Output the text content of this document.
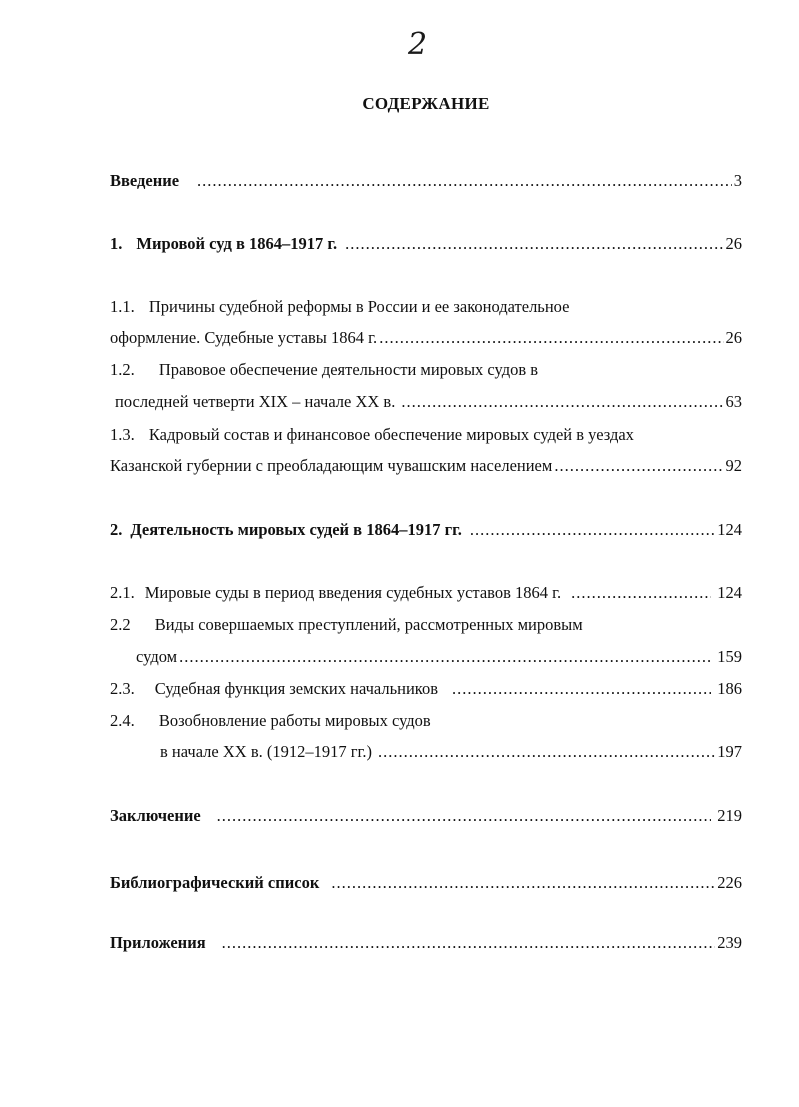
2
СОДЕРЖАНИЕ
Введение .....	3
1. Мировой суд в 1864–1917 г. .....	26
1.1. Причины судебной реформы в России и ее законодательное
оформление. Судебные уставы 1864 г. .....	26
1.2. Правовое обеспечение деятельности мировых судов в
последней четверти XIX – начале XX в. .....	63
1.3. Кадровый состав и финансовое обеспечение мировых судей в уездах
Казанской губернии с преобладающим чувашским населением .....	92
2. Деятельность мировых судей в 1864–1917 гг. .....	124
2.1. Мировые суды в период введения судебных уставов 1864 г. .....	124
2.2 Виды совершаемых преступлений, рассмотренных мировым
судом .....	159
2.3. Судебная функция земских начальников .....	186
2.4. Возобновление работы мировых судов
в начале XX в. (1912–1917 гг.) .....	197
Заключение .....	219
Библиографический список .....	226
Приложения .....	239
